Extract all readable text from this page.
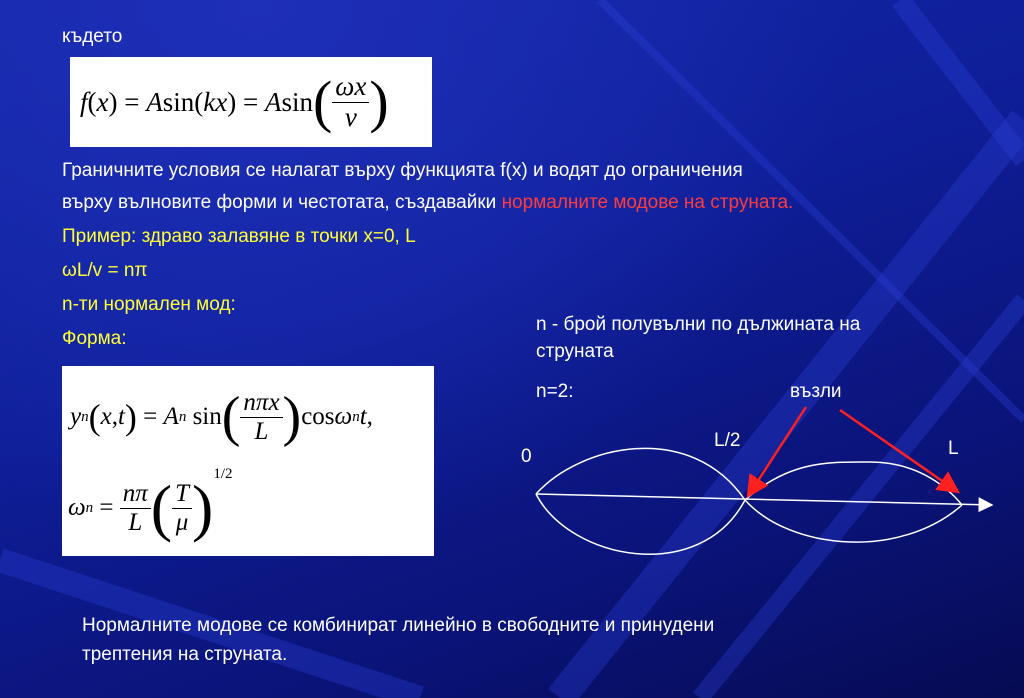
където
f ( x ) =
A sin ( k x ) =
A sin ( $\frac{\omega x}{v}$ )
Граничните условия се налагат върху функцията f(x) и водят до ограничения
върху вълновите форми и честотата, създавайки нормалните модове на струната.
Пример: здраво залавяне в точки x=0, L
ωL/v = nπ
n-ти нормален мод:
Форма:
y n ( x , t ) = A n
sin ( $\frac{\text{nπx}}{L}$ ) cos ω n t ,
ω $n = \frac{n\pi}{L}$ ( $\frac{T}{\mu} )^{1/2}$
n - брой полувълни по дължината на
струната
n=2:	възли
L/2
0	L
Нормалните модове се комбинират линейно в свободните и принудени
трептения на струната.
